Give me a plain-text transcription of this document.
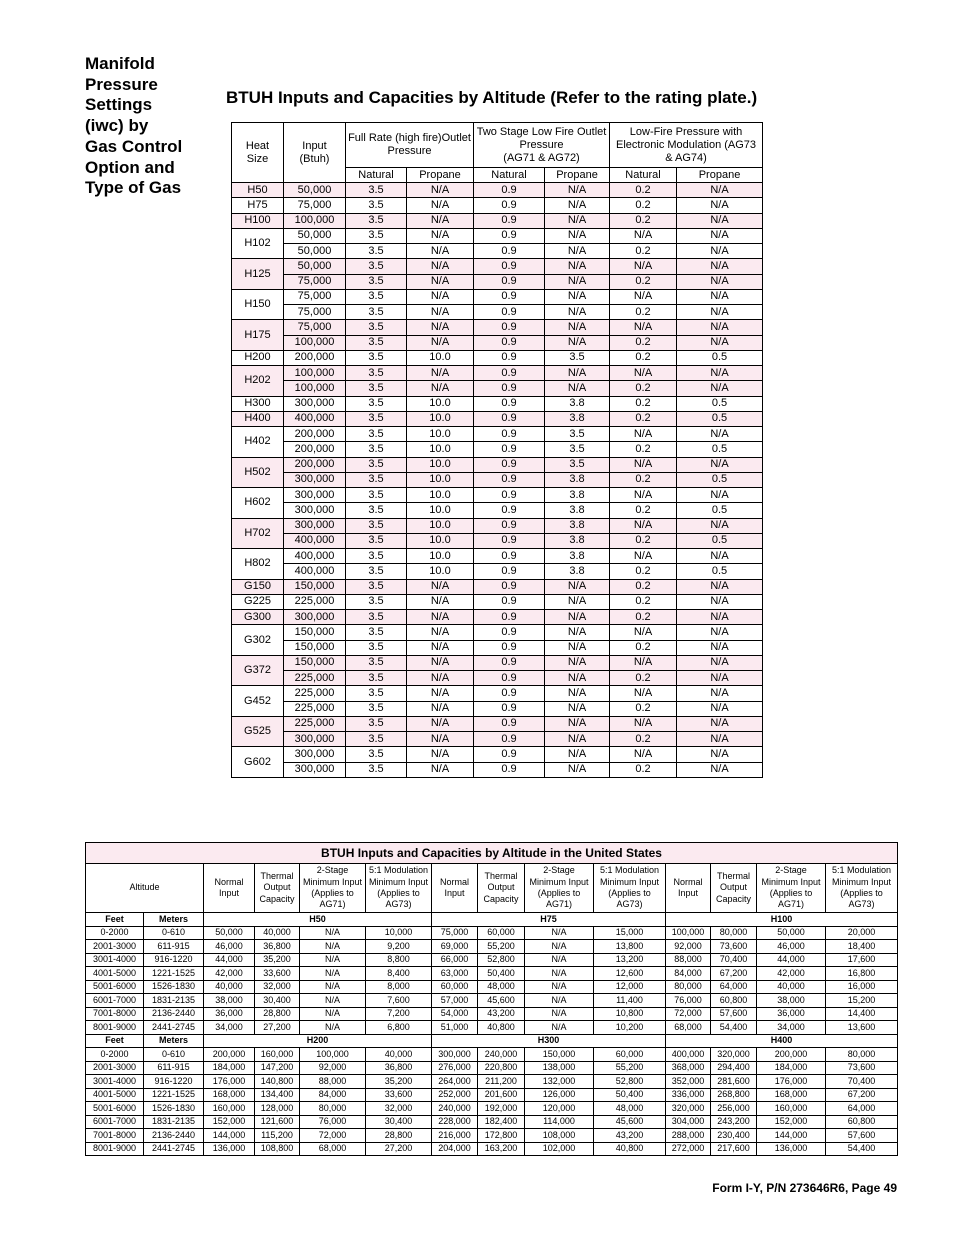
Manifold
Pressure
Settings
(iwc) by
Gas Control
Option and
Type of Gas
BTUH Inputs and Capacities by Altitude (Refer to the rating plate.)
Heat
Size	Input
(Btuh)	Full Rate (high fire)Outlet
Pressure		Two Stage Low Fire Outlet
Pressure
(AG71 & AG72)		Low-Fire Pressure with
Electronic Modulation (AG73
& AG74)	
		Natural	Propane	Natural	Propane	Natural	Propane
H50	50,000	3.5	N/A	0.9	N/A	0.2	N/A
H75	75,000	3.5	N/A	0.9	N/A	0.2	N/A
H100	100,000	3.5	N/A	0.9	N/A	0.2	N/A
H102	50,000	3.5	N/A	0.9	N/A	N/A	N/A
	50,000	3.5	N/A	0.9	N/A	0.2	N/A
H125	50,000	3.5	N/A	0.9	N/A	N/A	N/A
	75,000	3.5	N/A	0.9	N/A	0.2	N/A
H150	75,000	3.5	N/A	0.9	N/A	N/A	N/A
	75,000	3.5	N/A	0.9	N/A	0.2	N/A
H175	75,000	3.5	N/A	0.9	N/A	N/A	N/A
	100,000	3.5	N/A	0.9	N/A	0.2	N/A
H200	200,000	3.5	10.0	0.9	3.5	0.2	0.5
H202	100,000	3.5	N/A	0.9	N/A	N/A	N/A
	100,000	3.5	N/A	0.9	N/A	0.2	N/A
H300	300,000	3.5	10.0	0.9	3.8	0.2	0.5
H400	400,000	3.5	10.0	0.9	3.8	0.2	0.5
H402	200,000	3.5	10.0	0.9	3.5	N/A	N/A
	200,000	3.5	10.0	0.9	3.5	0.2	0.5
H502	200,000	3.5	10.0	0.9	3.5	N/A	N/A
	300,000	3.5	10.0	0.9	3.8	0.2	0.5
H602	300,000	3.5	10.0	0.9	3.8	N/A	N/A
	300,000	3.5	10.0	0.9	3.8	0.2	0.5
H702	300,000	3.5	10.0	0.9	3.8	N/A	N/A
	400,000	3.5	10.0	0.9	3.8	0.2	0.5
H802	400,000	3.5	10.0	0.9	3.8	N/A	N/A
	400,000	3.5	10.0	0.9	3.8	0.2	0.5
G150	150,000	3.5	N/A	0.9	N/A	0.2	N/A
G225	225,000	3.5	N/A	0.9	N/A	0.2	N/A
G300	300,000	3.5	N/A	0.9	N/A	0.2	N/A
G302	150,000	3.5	N/A	0.9	N/A	N/A	N/A
	150,000	3.5	N/A	0.9	N/A	0.2	N/A
G372	150,000	3.5	N/A	0.9	N/A	N/A	N/A
	225,000	3.5	N/A	0.9	N/A	0.2	N/A
G452	225,000	3.5	N/A	0.9	N/A	N/A	N/A
	225,000	3.5	N/A	0.9	N/A	0.2	N/A
G525	225,000	3.5	N/A	0.9	N/A	N/A	N/A
	300,000	3.5	N/A	0.9	N/A	0.2	N/A
G602	300,000	3.5	N/A	0.9	N/A	N/A	N/A
	300,000	3.5	N/A	0.9	N/A	0.2	N/A
BTUH Inputs and Capacities by Altitude in the United States													
Altitude		Normal
Input	Thermal
Output
Capacity	2-Stage
Minimum Input
(Applies to
AG71)	5:1 Modulation
Minimum Input
(Applies to
AG73)	Normal
Input	Thermal
Output
Capacity	2-Stage
Minimum Input
(Applies to
AG71)	5:1 Modulation
Minimum Input
(Applies to
AG73)	Normal
Input	Thermal
Output
Capacity	2-Stage
Minimum Input
(Applies to
AG71)	5:1 Modulation
Minimum Input
(Applies to
AG73)
Feet	Meters	H50				H75				H100			
0-2000	0-610	50,000	40,000	N/A	10,000	75,000	60,000	N/A	15,000	100,000	80,000	50,000	20,000
2001-3000	611-915	46,000	36,800	N/A	9,200	69,000	55,200	N/A	13,800	92,000	73,600	46,000	18,400
3001-4000	916-1220	44,000	35,200	N/A	8,800	66,000	52,800	N/A	13,200	88,000	70,400	44,000	17,600
4001-5000	1221-1525	42,000	33,600	N/A	8,400	63,000	50,400	N/A	12,600	84,000	67,200	42,000	16,800
5001-6000	1526-1830	40,000	32,000	N/A	8,000	60,000	48,000	N/A	12,000	80,000	64,000	40,000	16,000
6001-7000	1831-2135	38,000	30,400	N/A	7,600	57,000	45,600	N/A	11,400	76,000	60,800	38,000	15,200
7001-8000	2136-2440	36,000	28,800	N/A	7,200	54,000	43,200	N/A	10,800	72,000	57,600	36,000	14,400
8001-9000	2441-2745	34,000	27,200	N/A	6,800	51,000	40,800	N/A	10,200	68,000	54,400	34,000	13,600
Feet	Meters	H200				H300				H400			
0-2000	0-610	200,000	160,000	100,000	40,000	300,000	240,000	150,000	60,000	400,000	320,000	200,000	80,000
2001-3000	611-915	184,000	147,200	92,000	36,800	276,000	220,800	138,000	55,200	368,000	294,400	184,000	73,600
3001-4000	916-1220	176,000	140,800	88,000	35,200	264,000	211,200	132,000	52,800	352,000	281,600	176,000	70,400
4001-5000	1221-1525	168,000	134,400	84,000	33,600	252,000	201,600	126,000	50,400	336,000	268,800	168,000	67,200
5001-6000	1526-1830	160,000	128,000	80,000	32,000	240,000	192,000	120,000	48,000	320,000	256,000	160,000	64,000
6001-7000	1831-2135	152,000	121,600	76,000	30,400	228,000	182,400	114,000	45,600	304,000	243,200	152,000	60,800
7001-8000	2136-2440	144,000	115,200	72,000	28,800	216,000	172,800	108,000	43,200	288,000	230,400	144,000	57,600
8001-9000	2441-2745	136,000	108,800	68,000	27,200	204,000	163,200	102,000	40,800	272,000	217,600	136,000	54,400
Form I-Y, P/N 273646R6, Page 49
